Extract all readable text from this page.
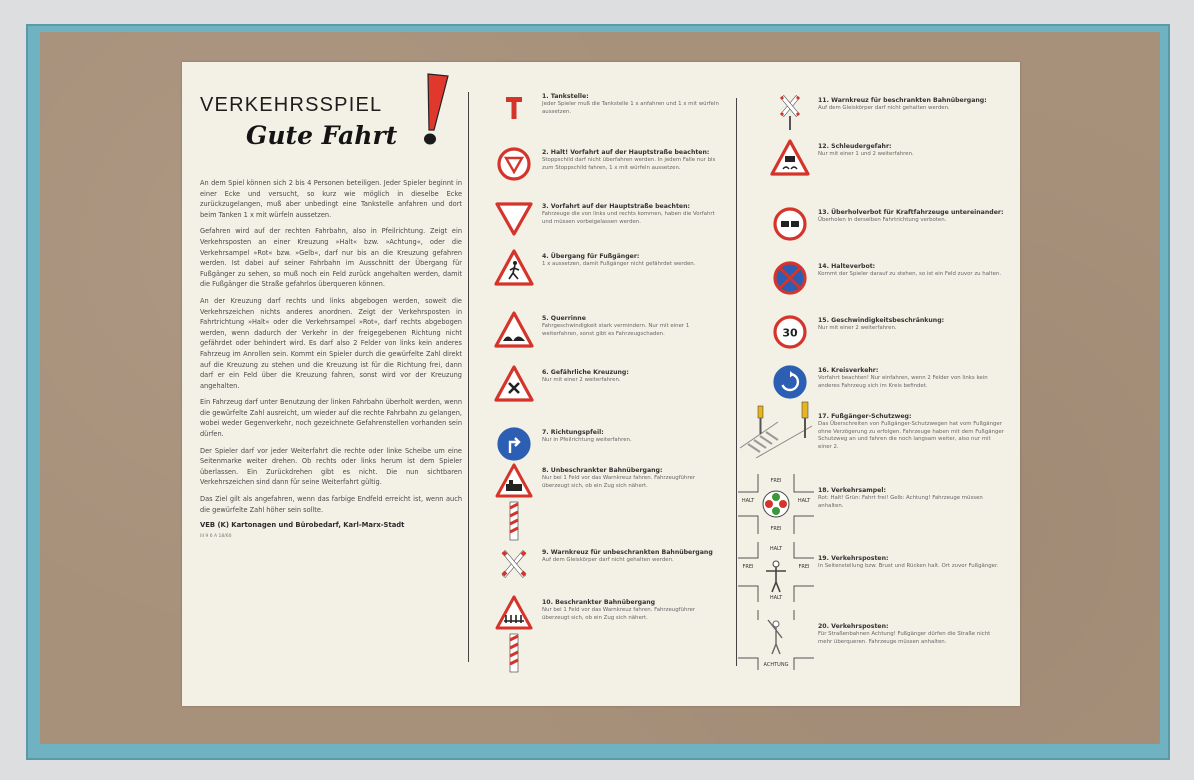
VERKEHRSSPIEL
Gute Fahrt

An dem Spiel können sich 2 bis 4 Personen beteiligen. Jeder Spieler beginnt in einer Ecke und versucht, so kurz wie möglich in dieselbe Ecke zurückzugelangen, muß aber unbedingt eine Tankstelle anfahren und dort beim Tanken 1 x mit würfeln aussetzen.

Gefahren wird auf der rechten Fahrbahn, also in Pfeilrichtung. Zeigt ein Verkehrsposten an einer Kreuzung »Halt« bzw. »Achtung«, oder die Verkehrsampel »Rot« bzw. »Gelb«, darf nur bis an die Kreuzung gefahren werden. Ist dabei auf seiner Fahrbahn im Ausschnitt der Übergang für Fußgänger zu sehen, so muß noch ein Feld zurück angehalten werden, damit die Fußgänger die Straße gefahrlos überqueren können.

An der Kreuzung darf rechts und links abgebogen werden, soweit die Verkehrszeichen nichts anderes anordnen. Zeigt der Verkehrsposten in Fahrtrichtung »Halt« oder die Verkehrsampel »Rot«, darf rechts abgebogen werden, wenn dadurch der Verkehr in der freigegebenen Richtung nicht gefährdet oder behindert wird. Es darf also 2 Felder von links kein anderes Fahrzeug im Anrollen sein. Kommt ein Spieler durch die gewürfelte Zahl direkt auf die Kreuzung zu stehen und die Kreuzung ist für die Richtung frei, dann darf er ein Feld über die Kreuzung fahren, sonst wird vor der Kreuzung angehalten.

Ein Fahrzeug darf unter Benutzung der linken Fahrbahn überholt werden, wenn die gewürfelte Zahl ausreicht, um wieder auf die rechte Fahrbahn zu gelangen, wobei weder Gegenverkehr, noch gezeichnete Gefahrenstellen vorhanden sein dürfen.

Der Spieler darf vor jeder Weiterfahrt die rechte oder linke Scheibe um eine Seitenmarke weiter drehen. Ob rechts oder links herum ist dem Spieler überlassen. Ein Zurückdrehen gibt es nicht. Die nun sichtbaren Verkehrszeichen sind dann für seine Weiterfahrt gültig.

Das Ziel gilt als angefahren, wenn das farbige Endfeld erreicht ist, wenn auch die gewürfelte Zahl höher sein sollte.

VEB (K) Kartonagen und Bürobedarf, Karl-Marx-Stadt
III 9 6 A 18/60
1. Tankstelle:
Jeder Spieler muß die Tankstelle 1 x anfahren und 1 x mit würfeln aussetzen.
2. Halt! Vorfahrt auf der Hauptstraße beachten:
Stoppschild darf nicht überfahren werden. In jedem Falle nur bis zum Stoppschild fahren, 1 x mit würfeln aussetzen.
3. Vorfahrt auf der Hauptstraße beachten:
Fahrzeuge die von links und rechts kommen, haben die Vorfahrt und müssen vorbeigelassen werden.
4. Übergang für Fußgänger:
1 x aussetzen, damit Fußgänger nicht gefährdet werden.
5. Querrinne
Fahrgeschwindigkeit stark vermindern. Nur mit einer 1 weiterfahren, sonst gibt es Fahrzeugschaden.
6. Gefährliche Kreuzung:
Nur mit einer 2 weiterfahren.
7. Richtungspfeil:
Nur in Pfeilrichtung weiterfahren.
8. Unbeschrankter Bahnübergang:
Nur bei 1 Feld vor das Warnkreuz fahren. Fahrzeugführer überzeugt sich, ob ein Zug sich nähert.
9. Warnkreuz für unbeschrankten Bahnübergang
Auf dem Gleiskörper darf nicht gehalten werden.
10. Beschrankter Bahnübergang
Nur bei 1 Feld vor das Warnkreuz fahren. Fahrzeugführer überzeugt sich, ob ein Zug sich nähert.
11. Warnkreuz für beschrankten Bahnübergang:
Auf dem Gleiskörper darf nicht gehalten werden.
12. Schleudergefahr:
Nur mit einer 1 und 2 weiterfahren.
13. Überholverbot für Kraftfahrzeuge untereinander:
Überholen in derselben Fahrtrichtung verboten.
14. Halteverbot:
Kommt der Spieler darauf zu stehen, so ist ein Feld zuvor zu halten.
30
15. Geschwindigkeitsbeschränkung:
Nur mit einer 2 weiterfahren.
16. Kreisverkehr:
Vorfahrt beachten! Nur einfahren, wenn 2 Felder von links kein anderes Fahrzeug sich im Kreis befindet.
17. Fußgänger-Schutzweg:
Das Überschreiten von Fußgänger-Schutzwegen hat vom Fußgänger ohne Verzögerung zu erfolgen. Fahrzeuge haben mit dem Fußgänger Schutzweg an und fahren die noch langsam weiter, also nur mit einer 2.
FREI
FREI
HALT	HALT
18. Verkehrsampel:
Rot: Halt! Grün: Fahrt frei! Gelb: Achtung! Fahrzeuge müssen anhalten.
HALT
HALT
FREI	FREI
19. Verkehrsposten:
In Seitenstellung bzw. Brust und Rücken halt. Ort zuvor Fußgänger.
ACHTUNG
20. Verkehrsposten:
Für Straßenbahnen Achtung! Fußgänger dürfen die Straße nicht mehr überqueren. Fahrzeuge müssen anhalten.
